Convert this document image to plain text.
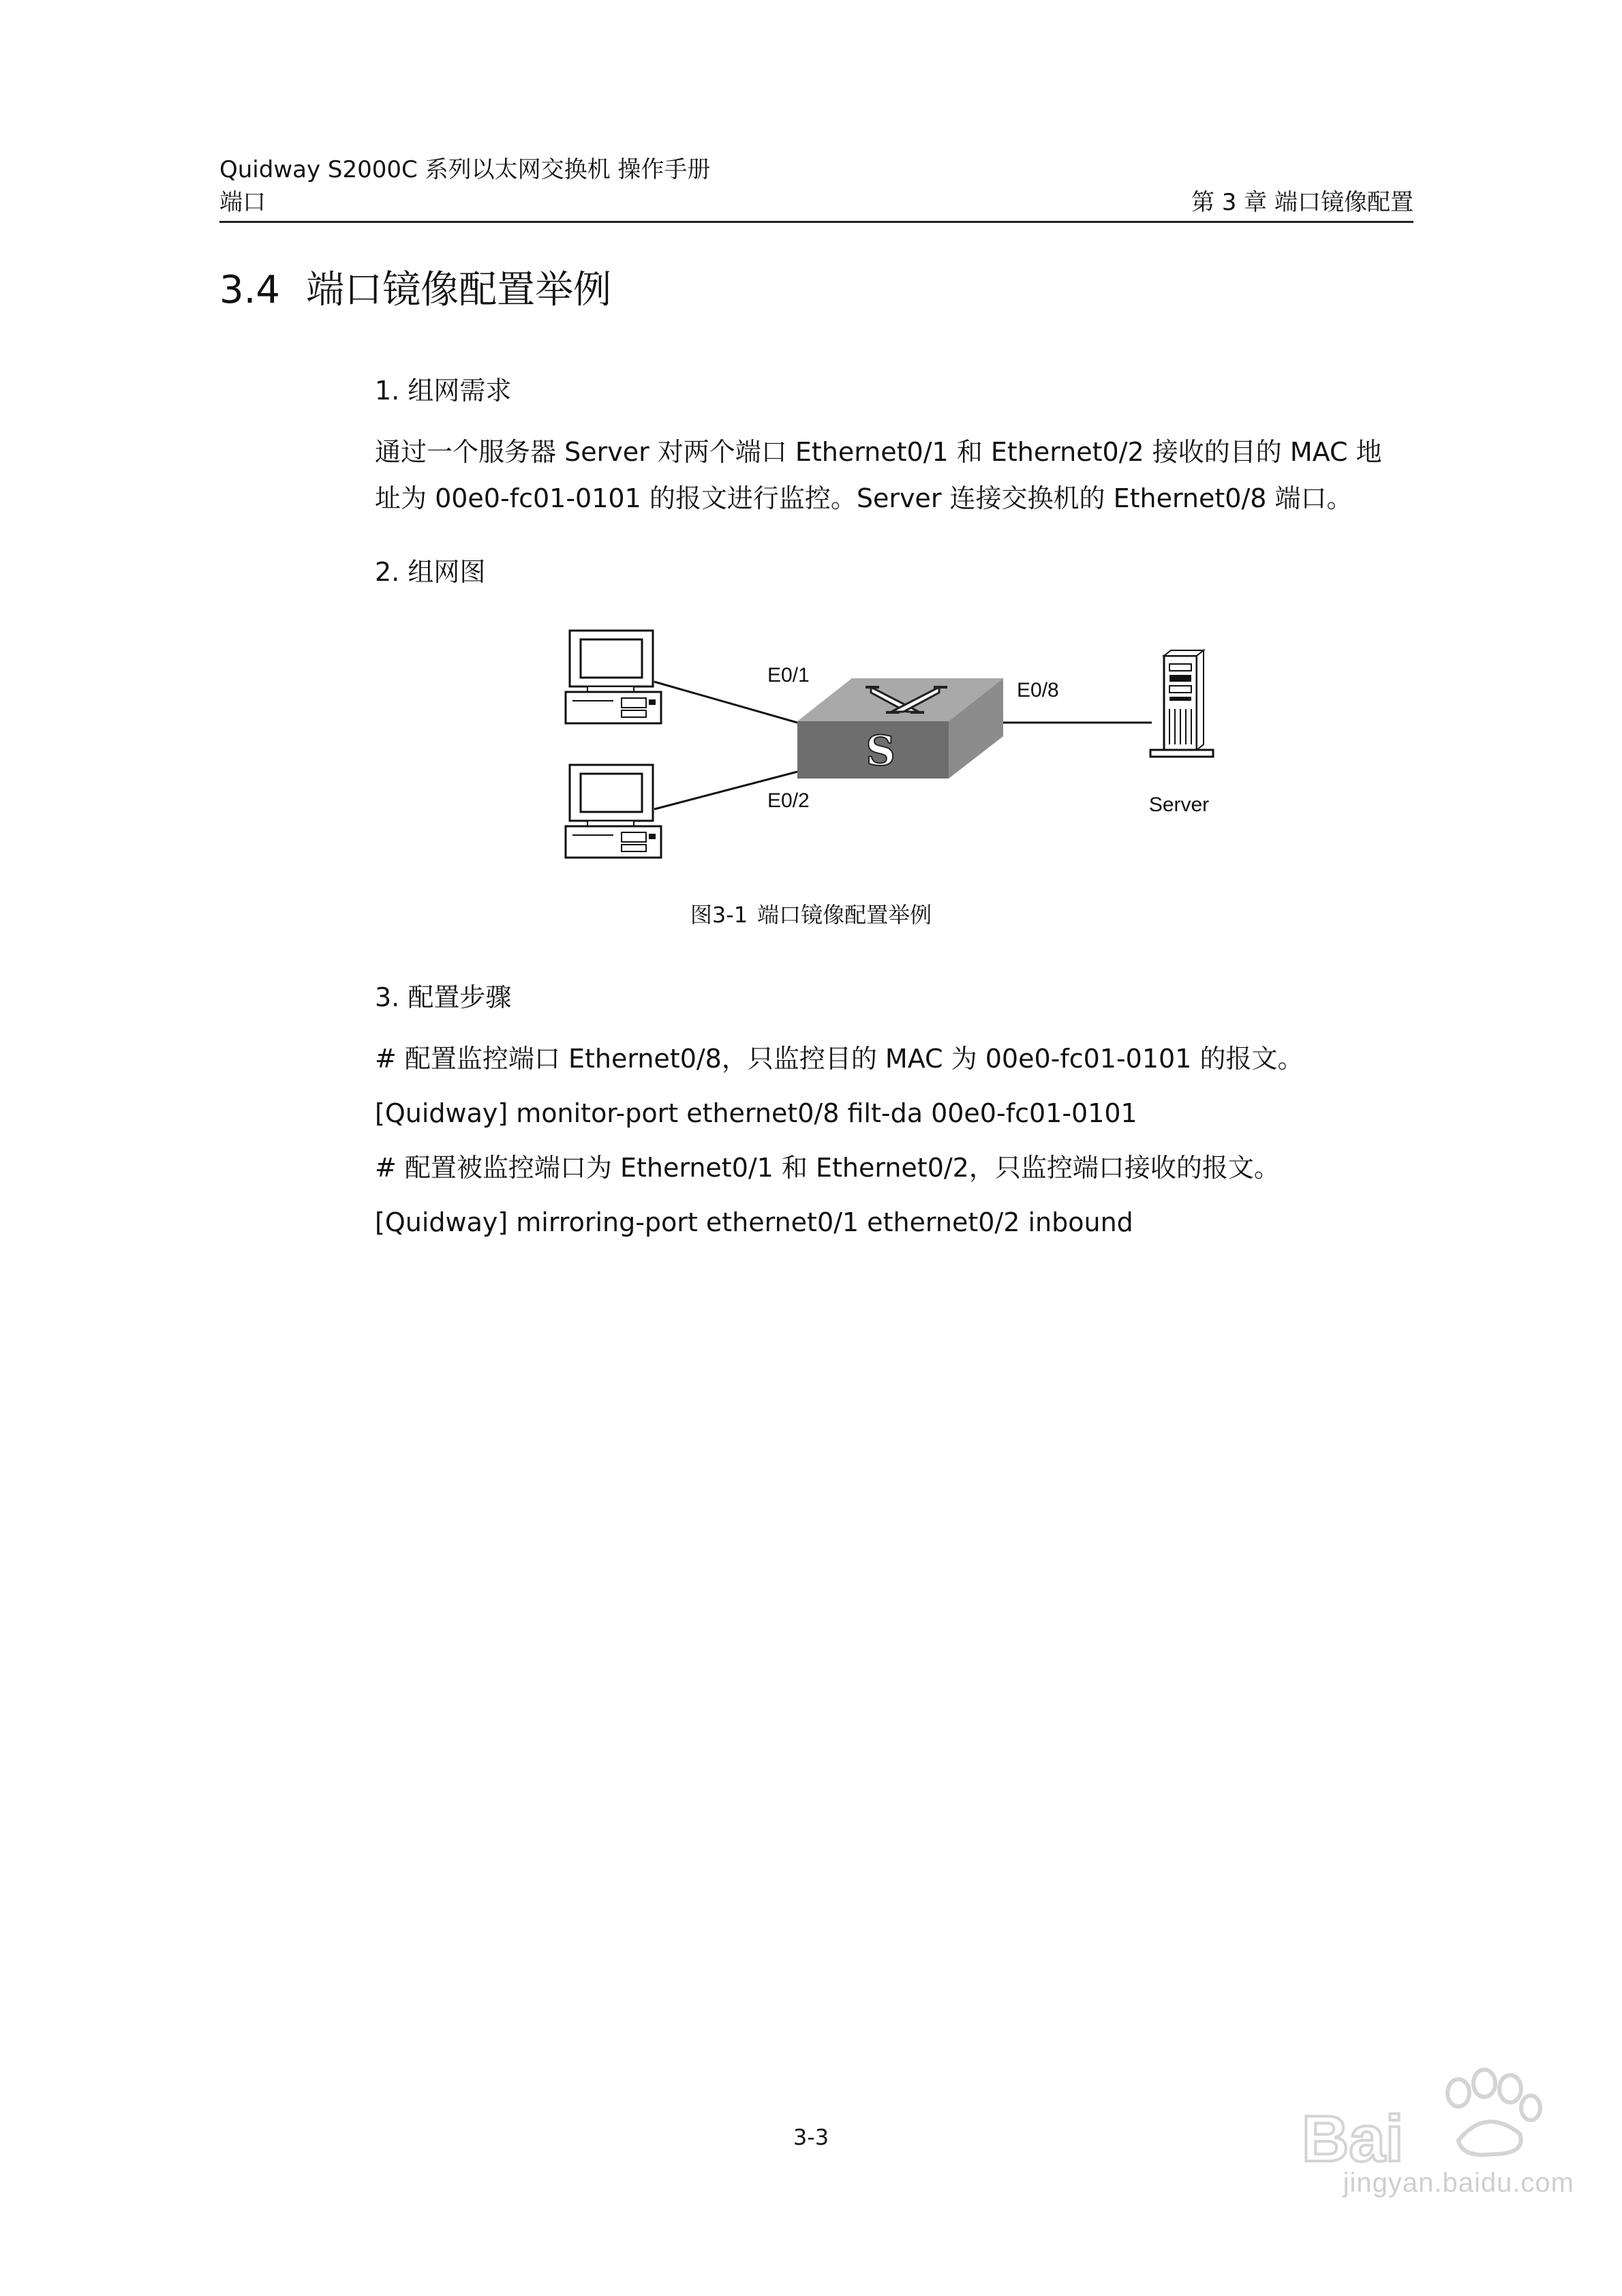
Quidway S2000C 系列以太网交换机 操作手册
端口	第 3 章 端口镜像配置
3.4 端口镜像配置举例
1. 组网需求
通过一个服务器 Server 对两个端口 Ethernet0/1 和 Ethernet0/2 接收的目的 MAC 地
址为 00e0-fc01-0101 的报文进行监控。Server 连接交换机的 Ethernet0/8 端口。
2. 组网图
S
E0/1
E0/2
E0/8
Server
图3-1 端口镜像配置举例
3. 配置步骤
# 配置监控端口 Ethernet0/8，只监控目的 MAC 为 00e0-fc01-0101 的报文。
[Quidway] monitor-port ethernet0/8 filt-da 00e0-fc01-0101
# 配置被监控端口为 Ethernet0/1 和 Ethernet0/2，只监控端口接收的报文。
[Quidway] mirroring-port ethernet0/1 ethernet0/2 inbound
3-3	Bai
jingyan.baidu.com
